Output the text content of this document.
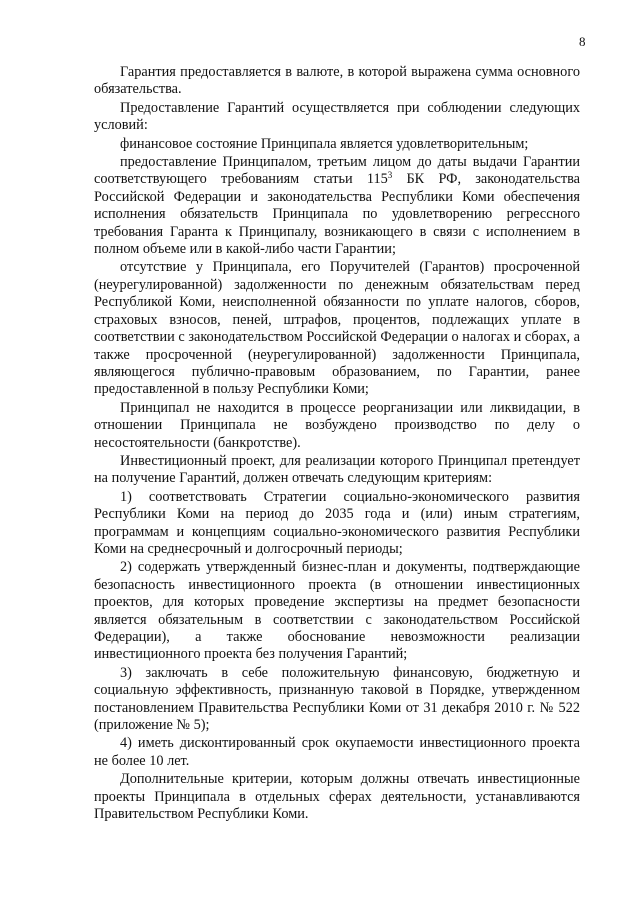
8

Гарантия предоставляется в валюте, в которой выражена сумма основного обязательства.

Предоставление Гарантий осуществляется при соблюдении следующих условий:

финансовое состояние Принципала является удовлетворительным;

предоставление Принципалом, третьим лицом до даты выдачи Гарантии соответствующего требованиям статьи $115^3$ БК РФ, законодательства Российской Федерации и законодательства Республики Коми обеспечения исполнения обязательств Принципала по удовлетворению регрессного требования Гаранта к Принципалу, возникающего в связи с исполнением в полном объеме или в какой-либо части Гарантии;

отсутствие у Принципала, его Поручителей (Гарантов) просроченной (неурегулированной) задолженности по денежным обязательствам перед Республикой Коми, неисполненной обязанности по уплате налогов, сборов, страховых взносов, пеней, штрафов, процентов, подлежащих уплате в соответствии с законодательством Российской Федерации о налогах и сборах, а также просроченной (неурегулированной) задолженности Принципала, являющегося публично-правовым образованием, по Гарантии, ранее предоставленной в пользу Республики Коми;

Принципал не находится в процессе реорганизации или ликвидации, в отношении Принципала не возбуждено производство по делу о несостоятельности (банкротстве).

Инвестиционный проект, для реализации которого Принципал претендует на получение Гарантий, должен отвечать следующим критериям:

1) соответствовать Стратегии социально-экономического развития Республики Коми на период до 2035 года и (или) иным стратегиям, программам и концепциям социально-экономического развития Республики Коми на среднесрочный и долгосрочный периоды;

2) содержать утвержденный бизнес-план и документы, подтверждающие безопасность инвестиционного проекта (в отношении инвестиционных проектов, для которых проведение экспертизы на предмет безопасности является обязательным в соответствии с законодательством Российской Федерации), а также обоснование невозможности реализации инвестиционного проекта без получения Гарантий;

3) заключать в себе положительную финансовую, бюджетную и социальную эффективность, признанную таковой в Порядке, утвержденном постановлением Правительства Республики Коми от 31 декабря 2010 г. № 522 (приложение № 5);

4) иметь дисконтированный срок окупаемости инвестиционного проекта не более 10 лет.

Дополнительные критерии, которым должны отвечать инвестиционные проекты Принципала в отдельных сферах деятельности, устанавливаются Правительством Республики Коми.
